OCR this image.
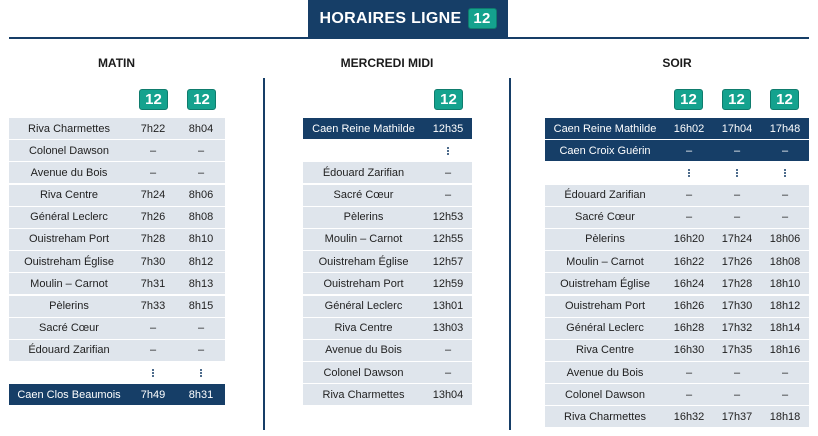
HORAIRES LIGNE 12
MATIN
12	12
Riva Charmettes	7h22	8h04
Colonel Dawson	–	–
Avenue du Bois	–	–
Riva Centre	7h24	8h06
Général Leclerc	7h26	8h08
Ouistreham Port	7h28	8h10
Ouistreham Église	7h30	8h12
Moulin – Carnot	7h31	8h13
Pèlerins	7h33	8h15
Sacré Cœur	–	–
Édouard Zarifian	–	–
Caen Clos Beaumois	7h49	8h31
MERCREDI MIDI
12
Caen Reine Mathilde	12h35
Édouard Zarifian	–
Sacré Cœur	–
Pèlerins	12h53
Moulin – Carnot	12h55
Ouistreham Église	12h57
Ouistreham Port	12h59
Général Leclerc	13h01
Riva Centre	13h03
Avenue du Bois	–
Colonel Dawson	–
Riva Charmettes	13h04
SOIR
12	12	12
Caen Reine Mathilde	16h02	17h04	17h48
Caen Croix Guérin	–	–	–
Édouard Zarifian	–	–	–
Sacré Cœur	–	–	–
Pèlerins	16h20	17h24	18h06
Moulin – Carnot	16h22	17h26	18h08
Ouistreham Église	16h24	17h28	18h10
Ouistreham Port	16h26	17h30	18h12
Général Leclerc	16h28	17h32	18h14
Riva Centre	16h30	17h35	18h16
Avenue du Bois	–	–	–
Colonel Dawson	–	–	–
Riva Charmettes	16h32	17h37	18h18
